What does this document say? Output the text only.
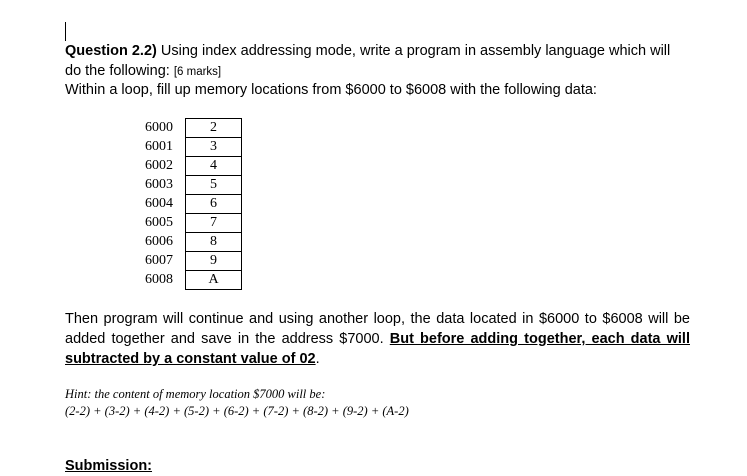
Question 2.2) Using index addressing mode, write a program in assembly language which will
do the following: [6 marks]
Within a loop, fill up memory locations from $6000 to $6008 with the following data:
6000	2
6001	3
6002	4
6003	5
6004	6
6005	7
6006	8
6007	9
6008	A
Then program will continue and using another loop, the data located in $6000 to $6008 will be added together and save in the address $7000. But before adding together, each data will subtracted by a constant value of 02.
Hint: the content of memory location $7000 will be:
(2-2) + (3-2) + (4-2) + (5-2) + (6-2) + (7-2) + (8-2) + (9-2) + (A-2)
Submission:
